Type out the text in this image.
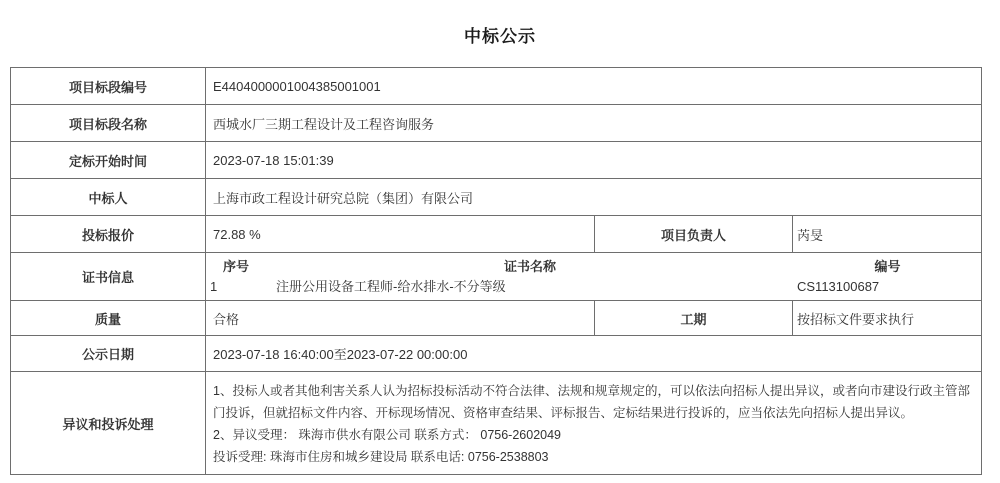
中标公示
项目标段编号	E4404000001004385001001
项目标段名称	西城水厂三期工程设计及工程咨询服务
定标开始时间	2023-07-18 15:01:39
中标人	上海市政工程设计研究总院（集团）有限公司
投标报价	72.88 %	项目负责人	芮旻
证书信息
序号	证书名称	编号
1	注册公用设备工程师-给水排水-不分等级	CS113100687
质量	合格	工期	按招标文件要求执行
公示日期	2023-07-18 16:40:00至2023-07-22 00:00:00
异议和投诉处理

1、投标人或者其他利害关系人认为招标投标活动不符合法律、法规和规章规定的，可以依法向招标人提出异议，或者向市建设行政主管部门投诉，但就招标文件内容、开标现场情况、资格审查结果、评标报告、定标结果进行投诉的，应当依法先向招标人提出异议。

2、异议受理： 珠海市供水有限公司 联系方式： 0756-2602049

投诉受理: 珠海市住房和城乡建设局 联系电话: 0756-2538803
